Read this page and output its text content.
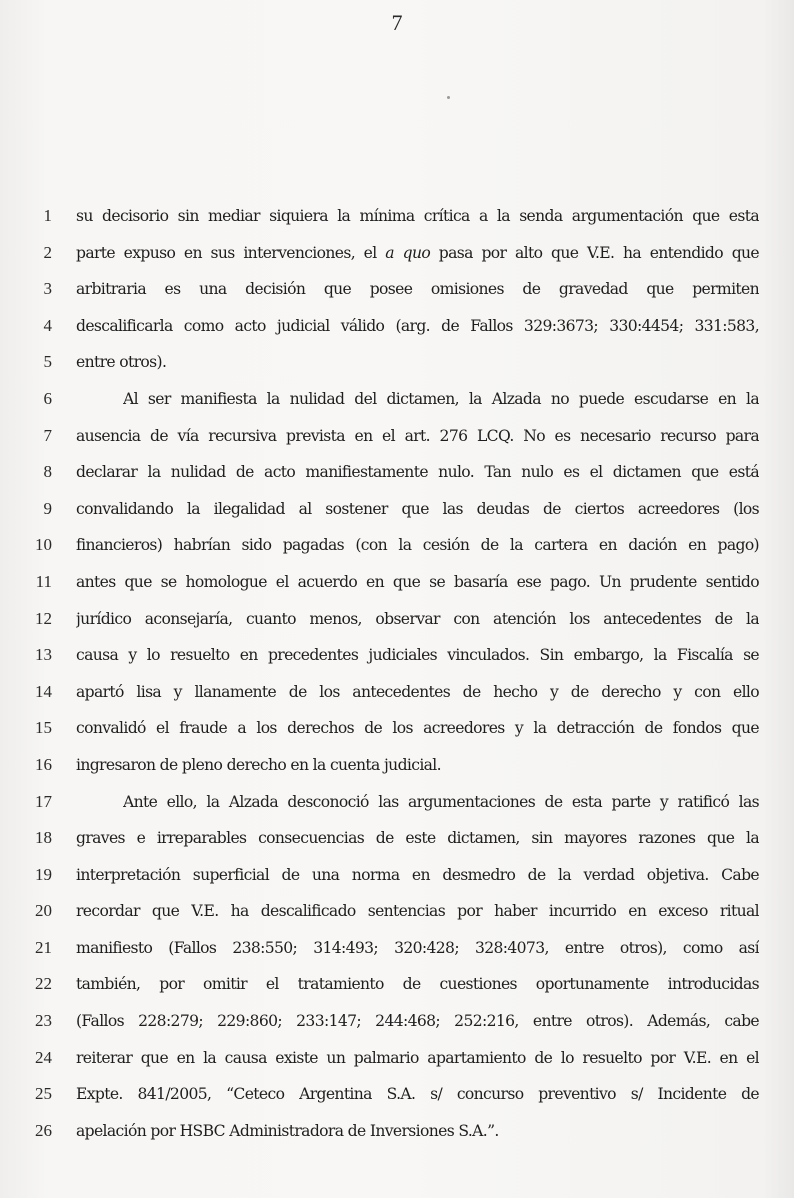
7
1 su decisorio sin mediar siquiera la mínima crítica a la senda argumentación que esta
2 parte expuso en sus intervenciones, el a quo pasa por alto que V.E. ha entendido que
3 arbitraria es una decisión que posee omisiones de gravedad que permiten
4 descalificarla como acto judicial válido (arg. de Fallos 329:3673; 330:4454; 331:583,
5 entre otros).
6	Al ser manifiesta la nulidad del dictamen, la Alzada no puede escudarse en la
7 ausencia de vía recursiva prevista en el art. 276 LCQ. No es necesario recurso para
8 declarar la nulidad de acto manifiestamente nulo. Tan nulo es el dictamen que está
9 convalidando la ilegalidad al sostener que las deudas de ciertos acreedores (los
10 financieros) habrían sido pagadas (con la cesión de la cartera en dación en pago)
11 antes que se homologue el acuerdo en que se basaría ese pago. Un prudente sentido
12 jurídico aconsejaría, cuanto menos, observar con atención los antecedentes de la
13 causa y lo resuelto en precedentes judiciales vinculados. Sin embargo, la Fiscalía se
14 apartó lisa y llanamente de los antecedentes de hecho y de derecho y con ello
15 convalidó el fraude a los derechos de los acreedores y la detracción de fondos que
16 ingresaron de pleno derecho en la cuenta judicial.
17	Ante ello, la Alzada desconoció las argumentaciones de esta parte y ratificó las
18 graves e irreparables consecuencias de este dictamen, sin mayores razones que la
19 interpretación superficial de una norma en desmedro de la verdad objetiva. Cabe
20 recordar que V.E. ha descalificado sentencias por haber incurrido en exceso ritual
21 manifiesto (Fallos 238:550; 314:493; 320:428; 328:4073, entre otros), como así
22 también, por omitir el tratamiento de cuestiones oportunamente introducidas
23 (Fallos 228:279; 229:860; 233:147; 244:468; 252:216, entre otros). Además, cabe
24 reiterar que en la causa existe un palmario apartamiento de lo resuelto por V.E. en el
25 Expte. 841/2005, “Ceteco Argentina S.A. s/ concurso preventivo s/ Incidente de
26 apelación por HSBC Administradora de Inversiones S.A.”.
